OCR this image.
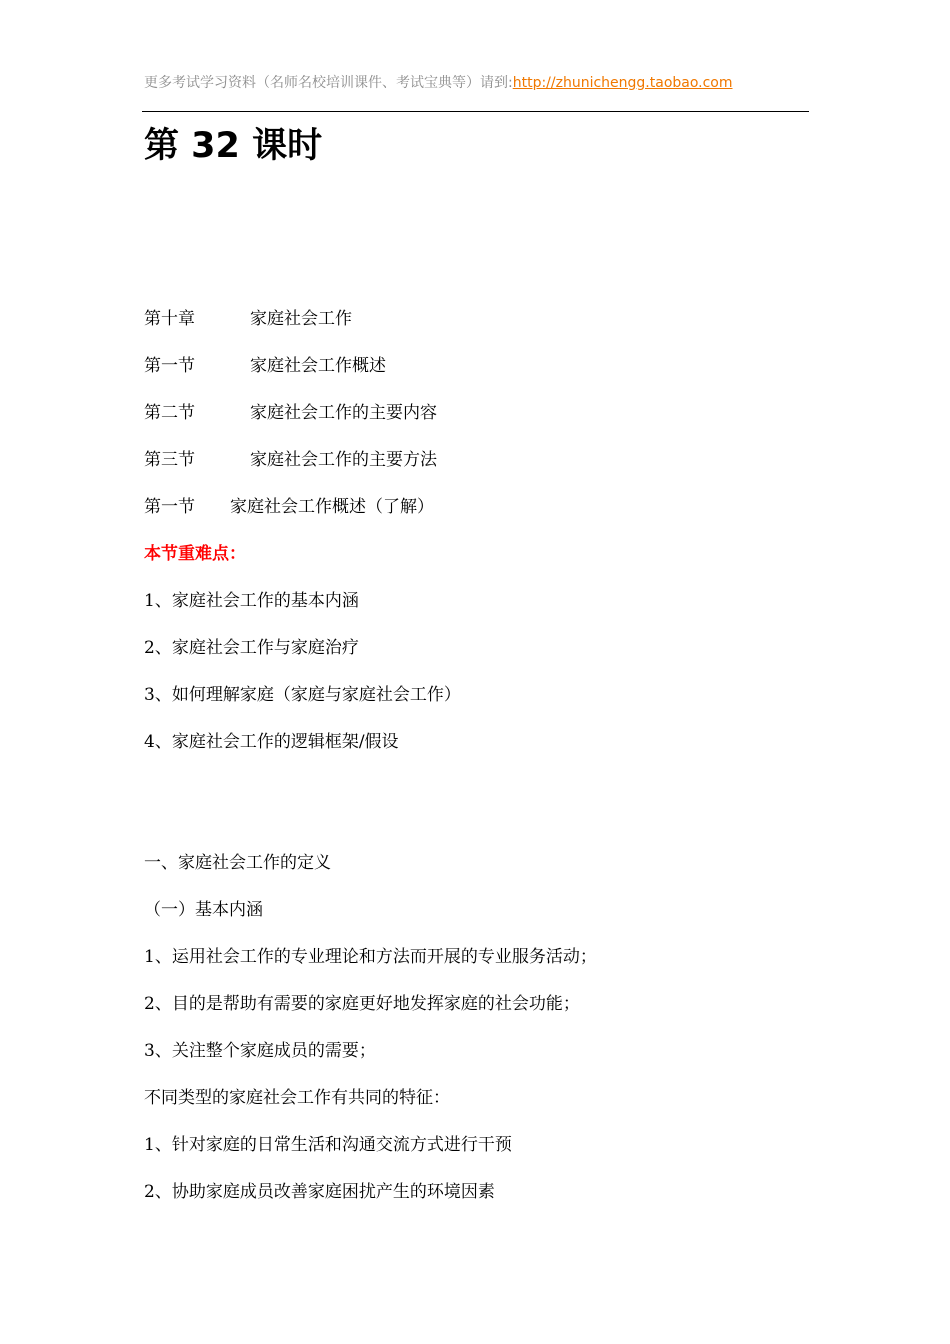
更多考试学习资料（名师名校培训课件、考试宝典等）请到:http://zhunichengg.taobao.com
第 32 课时
第十章	家庭社会工作
第一节	家庭社会工作概述
第二节	家庭社会工作的主要内容
第三节	家庭社会工作的主要方法
第一节 家庭社会工作概述（了解）
本节重难点：
1、家庭社会工作的基本内涵
2、家庭社会工作与家庭治疗
3、如何理解家庭（家庭与家庭社会工作）
4、家庭社会工作的逻辑框架/假设
一、家庭社会工作的定义
（一）基本内涵
1、运用社会工作的专业理论和方法而开展的专业服务活动；
2、目的是帮助有需要的家庭更好地发挥家庭的社会功能；
3、关注整个家庭成员的需要；
不同类型的家庭社会工作有共同的特征：
1、针对家庭的日常生活和沟通交流方式进行干预
2、协助家庭成员改善家庭困扰产生的环境因素
